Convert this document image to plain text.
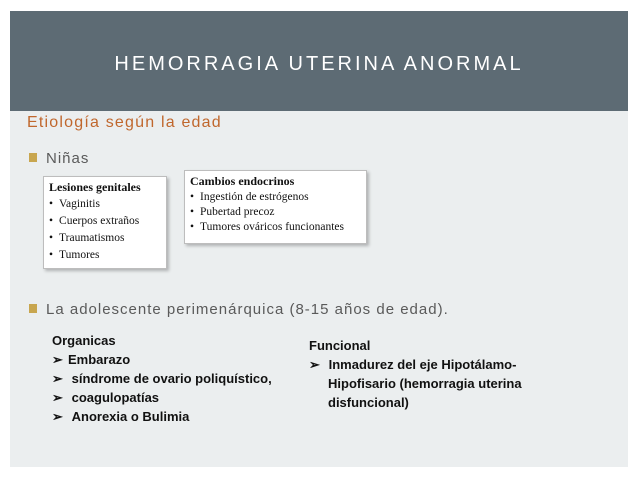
HEMORRAGIA UTERINA ANORMAL
Etiología según la edad
Niñas
Lesiones genitales
• Vaginitis
• Cuerpos extraños
• Traumatismos
• Tumores
Cambios endocrinos
• Ingestión de estrógenos
• Pubertad precoz
• Tumores ováricos funcionantes
La adolescente perimenárquica (8-15 años de edad).
Organicas
➢ Embarazo
➢ síndrome de ovario poliquístico,
➢ coagulopatías
➢ Anorexia o Bulimia
Funcional
➢ Inmadurez del eje Hipotálamo-
Hipofisario (hemorragia uterina
disfuncional)
